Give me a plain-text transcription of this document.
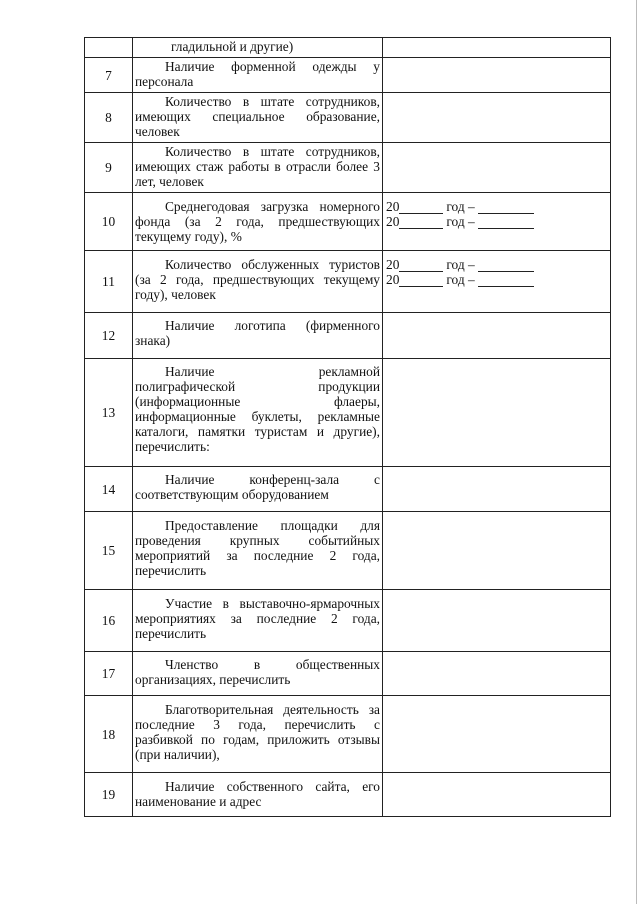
	гладильной и другие)	

7	Наличие форменной одежды у персонала	

8	Количество в штате сотрудников, имеющих специальное образование, человек	

9	Количество в штате сотрудников, имеющих стаж работы в отрасли более 3 лет, человек	

10	Среднегодовая загрузка номерного фонда (за 2 года, предшествующих текущему году), %	20 год –
20 год –

11	Количество обслуженных туристов (за 2 года, предшествующих текущему году), человек	20 год –
20 год –

12	Наличие логотипа (фирменного знака)	

13	Наличие рекламной полиграфической продукции (информационные флаеры, информационные буклеты, рекламные каталоги, памятки туристам и другие), перечислить:	

14	Наличие конференц-зала с соответствующим оборудованием	

15	Предоставление площадки для проведения крупных событийных мероприятий за последние 2 года, перечислить	

16	Участие в выставочно-ярмарочных мероприятиях за последние 2 года, перечислить	

17	Членство в общественных организациях, перечислить	

18	Благотворительная деятельность за последние 3 года, перечислить с разбивкой по годам, приложить отзывы (при наличии),	

19	Наличие собственного сайта, его наименование и адрес	
